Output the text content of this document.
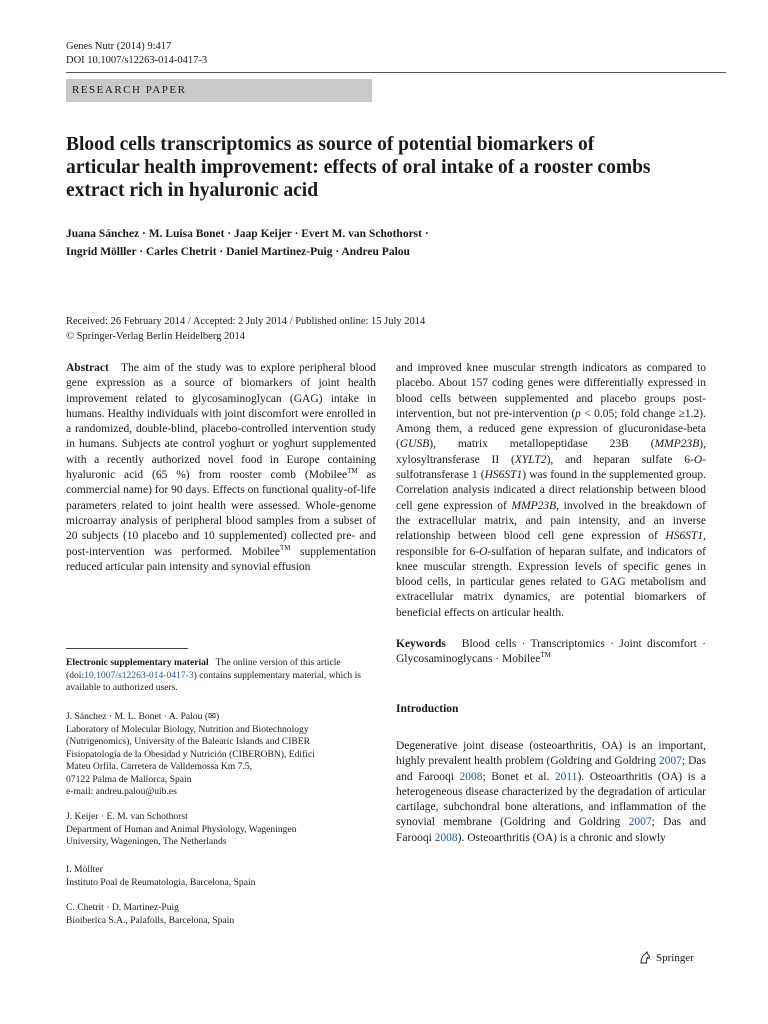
Genes Nutr (2014) 9:417
DOI 10.1007/s12263-014-0417-3
RESEARCH PAPER
Blood cells transcriptomics as source of potential biomarkers of articular health improvement: effects of oral intake of a rooster combs extract rich in hyaluronic acid
Juana Sánchez · M. Luisa Bonet · Jaap Keijer · Evert M. van Schothorst ·
Ingrid Mölller · Carles Chetrit · Daniel Martinez-Puig · Andreu Palou
Received: 26 February 2014 / Accepted: 2 July 2014 / Published online: 15 July 2014
© Springer-Verlag Berlin Heidelberg 2014

Abstract The aim of the study was to explore peripheral blood gene expression as a source of biomarkers of joint health improvement related to glycosaminoglycan (GAG) intake in humans. Healthy individuals with joint discomfort were enrolled in a randomized, double-blind, placebo-controlled intervention study in humans. Subjects ate control yoghurt or yoghurt supplemented with a recently authorized novel food in Europe containing hyaluronic acid (65 %) from rooster comb (Mobilee™ as commercial name) for 90 days. Effects on functional quality-of-life parameters related to joint health were assessed. Whole-genome microarray analysis of peripheral blood samples from a subset of 20 subjects (10 placebo and 10 supplemented) collected pre- and post-intervention was performed. Mobilee™ supplementation reduced articular pain intensity and synovial effusion

Electronic supplementary material The online version of this article (doi:10.1007/s12263-014-0417-3) contains supplementary material, which is available to authorized users.

J. Sánchez · M. L. Bonet · A. Palou (✉)

Laboratory of Molecular Biology, Nutrition and Biotechnology

(Nutrigenomics), University of the Balearic Islands and CIBER

Fisiopatología de la Obesidad y Nutrición (CIBEROBN), Edifici

Mateu Orfila. Carretera de Valldemossa Km 7.5,

07122 Palma de Mallorca, Spain

e-mail: andreu.palou@uib.es

J. Keijer · E. M. van Schothorst

Department of Human and Animal Physiology, Wageningen

University, Wageningen, The Netherlands

I. Möllter

Instituto Poal de Reumatologia, Barcelona, Spain

C. Chetrit · D. Martinez-Puig

Bioiberica S.A., Palafolls, Barcelona, Spain

and improved knee muscular strength indicators as compared to placebo. About 157 coding genes were differentially expressed in blood cells between supplemented and placebo groups post-intervention, but not pre-intervention (p < 0.05; fold change ≥1.2). Among them, a reduced gene expression of glucuronidase-beta (GUSB), matrix metallopeptidase 23B (MMP23B), xylosyltransferase II (XYLT2), and heparan sulfate 6-O-sulfotransferase 1 (HS6ST1) was found in the supplemented group. Correlation analysis indicated a direct relationship between blood cell gene expression of MMP23B, involved in the breakdown of the extracellular matrix, and pain intensity, and an inverse relationship between blood cell gene expression of HS6ST1, responsible for 6-O-sulfation of heparan sulfate, and indicators of knee muscular strength. Expression levels of specific genes in blood cells, in particular genes related to GAG metabolism and extracellular matrix dynamics, are potential biomarkers of beneficial effects on articular health.

Keywords Blood cells · Transcriptomics · Joint discomfort · Glycosaminoglycans · Mobilee™

Introduction

Degenerative joint disease (osteoarthritis, OA) is an important, highly prevalent health problem (Goldring and Goldring 2007; Das and Farooqi 2008; Bonet et al. 2011). Osteoarthritis (OA) is a heterogeneous disease characterized by the degradation of articular cartilage, subchondral bone alterations, and inflammation of the synovial membrane (Goldring and Goldring 2007; Das and Farooqi 2008). Osteoarthritis (OA) is a chronic and slowly

Springer
